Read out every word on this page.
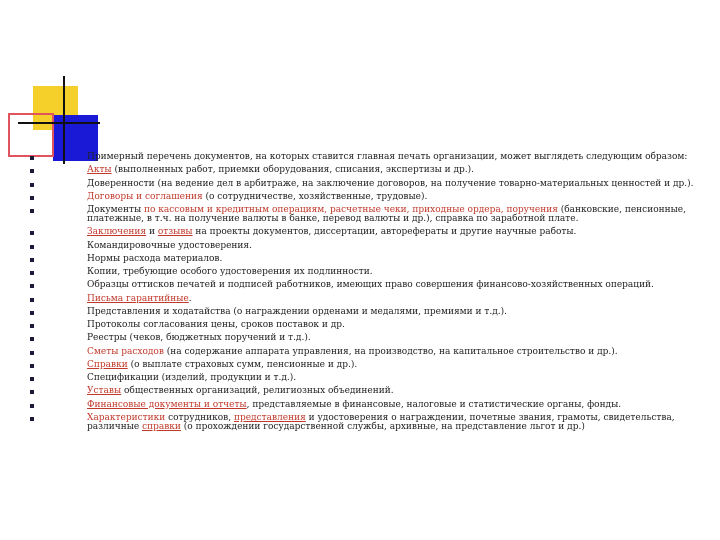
Примерный перечень документов, на которых ставится главная печать организации, может выглядеть следующим образом:
Акты (выполненных работ, приемки оборудования, списания, экспертизы и др.).
Доверенности (на ведение дел в арбитраже, на заключение договоров, на получение товарно-материальных ценностей и др.).
Договоры и соглашения (о сотрудничестве, хозяйственные, трудовые).
Документы по кассовым и кредитным операциям, расчетные чеки, приходные ордера, поручения (банковские, пенсионные, платежные, в т.ч. на получение валюты в банке, перевод валюты и др.), справка по заработной плате.
Заключения и отзывы на проекты документов, диссертации, авторефераты и другие научные работы.
Командировочные удостоверения.
Нормы расхода материалов.
Копии, требующие особого удостоверения их подлинности.
Образцы оттисков печатей и подписей работников, имеющих право совершения финансово-хозяйственных операций.
Письма гарантийные.
Представления и ходатайства (о награждении орденами и медалями, премиями и т.д.).
Протоколы согласования цены, сроков поставок и др.
Реестры (чеков, бюджетных поручений и т.д.).
Сметы расходов (на содержание аппарата управления, на производство, на капитальное строительство и др.).
Справки (о выплате страховых сумм, пенсионные и др.).
Спецификации (изделий, продукции и т.д.).
Уставы общественных организаций, религиозных объединений.
Финансовые документы и отчеты, представляемые в финансовые, налоговые и статистические органы, фонды.
Характеристики сотрудников, представления и удостоверения о награждении, почетные звания, грамоты, свидетельства, различные справки (о прохождении государственной службы, архивные, на представление льгот и др.)
